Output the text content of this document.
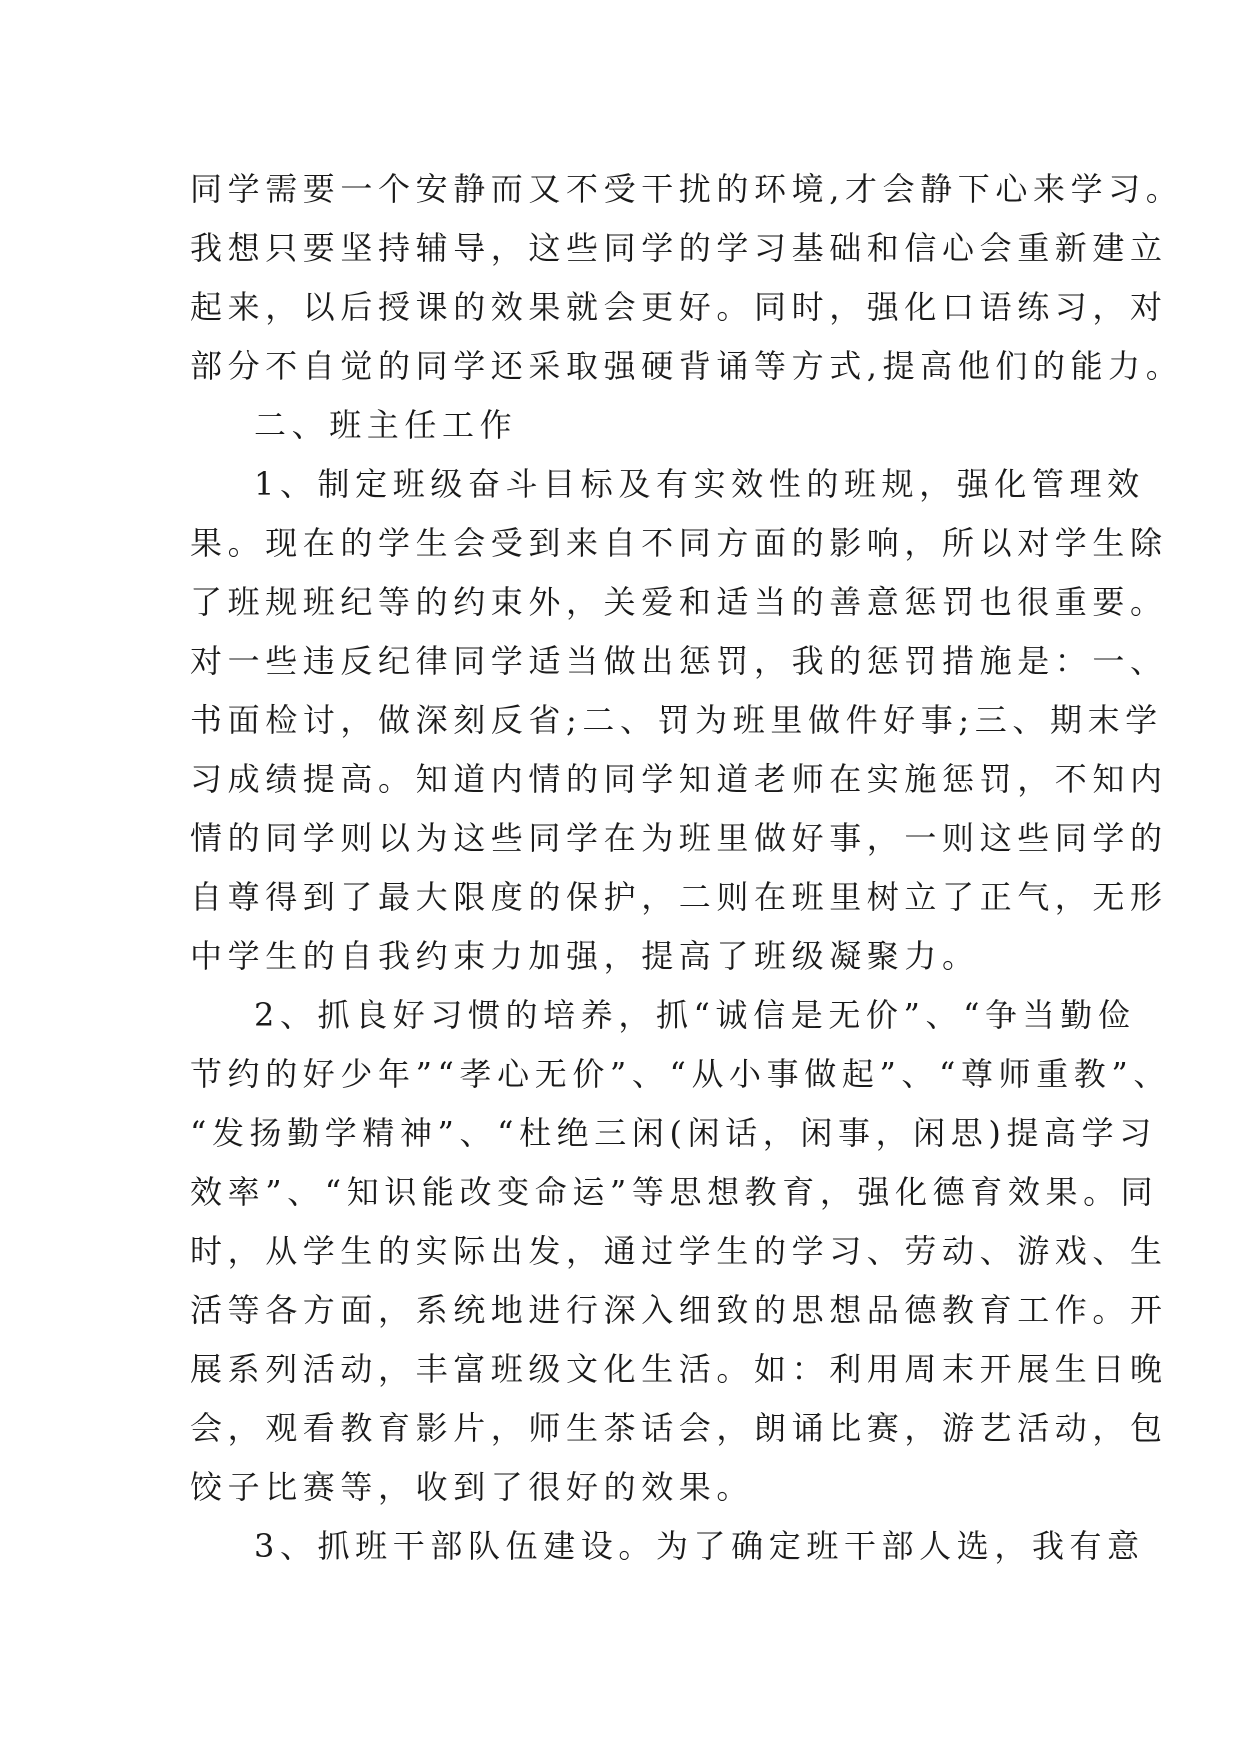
同学需要一个安静而又不受干扰的环境,才会静下心来学习。
我想只要坚持辅导，这些同学的学习基础和信心会重新建立
起来，以后授课的效果就会更好。同时，强化口语练习，对
部分不自觉的同学还采取强硬背诵等方式,提高他们的能力。
二、班主任工作
1、制定班级奋斗目标及有实效性的班规，强化管理效
果。现在的学生会受到来自不同方面的影响，所以对学生除
了班规班纪等的约束外，关爱和适当的善意惩罚也很重要。
对一些违反纪律同学适当做出惩罚，我的惩罚措施是：一、
书面检讨，做深刻反省;二、罚为班里做件好事;三、期末学
习成绩提高。知道内情的同学知道老师在实施惩罚，不知内
情的同学则以为这些同学在为班里做好事，一则这些同学的
自尊得到了最大限度的保护，二则在班里树立了正气，无形
中学生的自我约束力加强，提高了班级凝聚力。
2、抓良好习惯的培养，抓“诚信是无价”、“争当勤俭
节约的好少年”“孝心无价”、“从小事做起”、“尊师重教”、
“发扬勤学精神”、“杜绝三闲(闲话，闲事，闲思)提高学习
效率”、“知识能改变命运”等思想教育，强化德育效果。同
时，从学生的实际出发，通过学生的学习、劳动、游戏、生
活等各方面，系统地进行深入细致的思想品德教育工作。开
展系列活动，丰富班级文化生活。如：利用周末开展生日晚
会，观看教育影片，师生茶话会，朗诵比赛，游艺活动，包
饺子比赛等，收到了很好的效果。
3、抓班干部队伍建设。为了确定班干部人选，我有意
